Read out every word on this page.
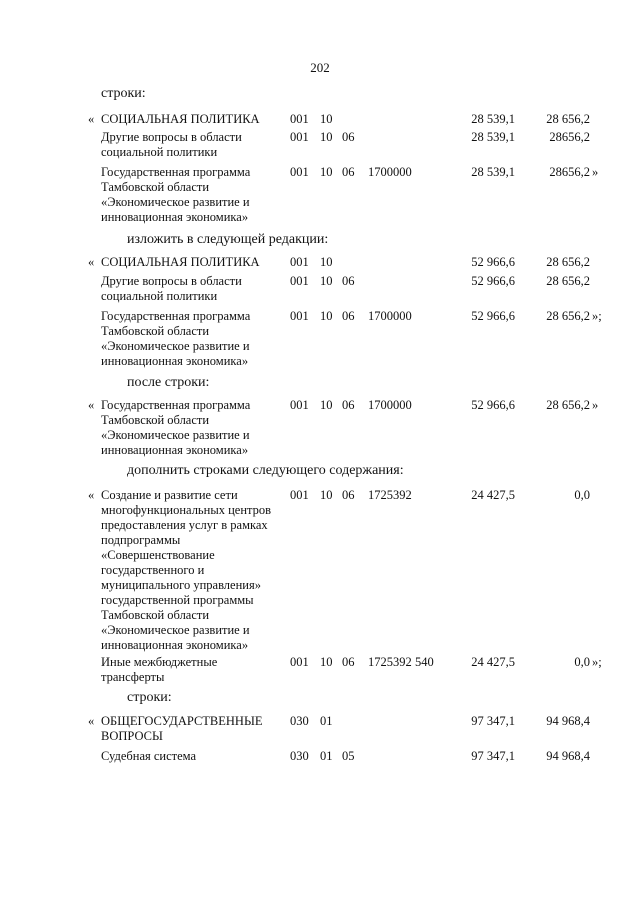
202
строки:
« СОЦИАЛЬНАЯ ПОЛИТИКА	001 10	28 539,1	28 656,2
Другие вопросы в области социальной политики
001 10 06	28 539,1	28656,2
Государственная программа Тамбовской области «Экономическое развитие и инновационная экономика»
001 10 06 1700000	28 539,1	28656,2 »
изложить в следующей редакции:
« СОЦИАЛЬНАЯ ПОЛИТИКА	001 10	52 966,6	28 656,2
Другие вопросы в области социальной политики
001 10 06	52 966,6	28 656,2
Государственная программа Тамбовской области «Экономическое развитие и инновационная экономика»
001 10 06 1700000	52 966,6	28 656,2 »;
после строки:
« Государственная программа Тамбовской области «Экономическое развитие и инновационная экономика»
001 10 06 1700000	52 966,6	28 656,2 »
дополнить строками следующего содержания:
« Создание и развитие сети многофункциональных центров предоставления услуг в рамках подпрограммы «Совершенствование государственного и муниципального управления» государственной программы Тамбовской области «Экономическое развитие и инновационная экономика»
001 10 06 1725392	24 427,5	0,0
Иные межбюджетные трансферты
001 10 06 1725392 540	24 427,5	0,0 »;
строки:
« ОБЩЕГОСУДАРСТВЕННЫЕ ВОПРОСЫ
030 01	97 347,1	94 968,4
Судебная система	030 01 05	97 347,1	94 968,4
